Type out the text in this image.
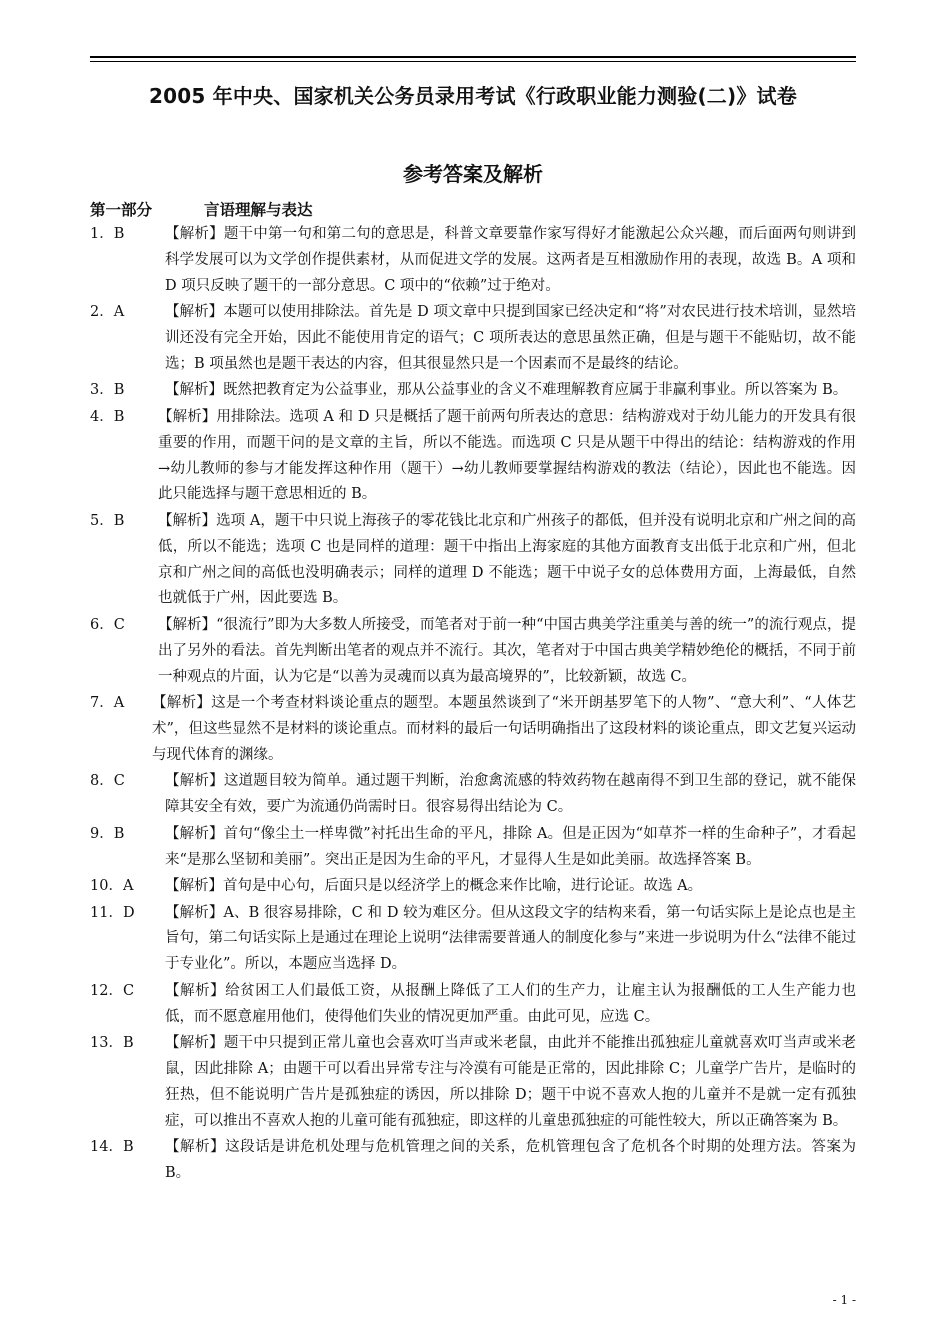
2005 年中央、国家机关公务员录用考试《行政职业能力测验(二)》试卷
参考答案及解析
第一部分	言语理解与表达
1．B	【解析】题干中第一句和第二句的意思是，科普文章要靠作家写得好才能激起公众兴趣，而后面两句则讲到科学发展可以为文学创作提供素材，从而促进文学的发展。这两者是互相激励作用的表现，故选 B。A 项和 D 项只反映了题干的一部分意思。C 项中的“依赖”过于绝对。
2．A	【解析】本题可以使用排除法。首先是 D 项文章中只提到国家已经决定和“将”对农民进行技术培训，显然培训还没有完全开始，因此不能使用肯定的语气；C 项所表达的意思虽然正确，但是与题干不能贴切，故不能选；B 项虽然也是题干表达的内容，但其很显然只是一个因素而不是最终的结论。
3．B	【解析】既然把教育定为公益事业，那从公益事业的含义不难理解教育应属于非赢利事业。所以答案为 B。
4．B	【解析】用排除法。选项 A 和 D 只是概括了题干前两句所表达的意思：结构游戏对于幼儿能力的开发具有很重要的作用，而题干问的是文章的主旨，所以不能选。而选项 C 只是从题干中得出的结论：结构游戏的作用→幼儿教师的参与才能发挥这种作用（题干）→幼儿教师要掌握结构游戏的教法（结论），因此也不能选。因此只能选择与题干意思相近的 B。
5．B	【解析】选项 A，题干中只说上海孩子的零花钱比北京和广州孩子的都低，但并没有说明北京和广州之间的高低，所以不能选；选项 C 也是同样的道理：题干中指出上海家庭的其他方面教育支出低于北京和广州，但北京和广州之间的高低也没明确表示；同样的道理 D 不能选；题干中说子女的总体费用方面，上海最低，自然也就低于广州，因此要选 B。
6．C	【解析】“很流行”即为大多数人所接受，而笔者对于前一种“中国古典美学注重美与善的统一”的流行观点，提出了另外的看法。首先判断出笔者的观点并不流行。其次，笔者对于中国古典美学精妙绝伦的概括，不同于前一种观点的片面，认为它是“以善为灵魂而以真为最高境界的”，比较新颖，故选 C。
7．A	【解析】这是一个考查材料谈论重点的题型。本题虽然谈到了“米开朗基罗笔下的人物”、“意大利”、“人体艺术”，但这些显然不是材料的谈论重点。而材料的最后一句话明确指出了这段材料的谈论重点，即文艺复兴运动与现代体育的渊缘。
8．C	【解析】这道题目较为简单。通过题干判断，治愈禽流感的特效药物在越南得不到卫生部的登记，就不能保障其安全有效，要广为流通仍尚需时日。很容易得出结论为 C。
9．B	【解析】首句“像尘土一样卑微”衬托出生命的平凡，排除 A。但是正因为“如草芥一样的生命种子”，才看起来“是那么坚韧和美丽”。突出正是因为生命的平凡，才显得人生是如此美丽。故选择答案 B。
10．A	【解析】首句是中心句，后面只是以经济学上的概念来作比喻，进行论证。故选 A。
11．D	【解析】A、B 很容易排除，C 和 D 较为难区分。但从这段文字的结构来看，第一句话实际上是论点也是主旨句，第二句话实际上是通过在理论上说明“法律需要普通人的制度化参与”来进一步说明为什么“法律不能过于专业化”。所以，本题应当选择 D。
12．C	【解析】给贫困工人们最低工资，从报酬上降低了工人们的生产力，让雇主认为报酬低的工人生产能力也低，而不愿意雇用他们，使得他们失业的情况更加严重。由此可见，应选 C。
13．B	【解析】题干中只提到正常儿童也会喜欢叮当声或米老鼠，由此并不能推出孤独症儿童就喜欢叮当声或米老鼠，因此排除 A；由题干可以看出异常专注与冷漠有可能是正常的，因此排除 C；儿童学广告片，是临时的狂热，但不能说明广告片是孤独症的诱因，所以排除 D；题干中说不喜欢人抱的儿童并不是就一定有孤独症，可以推出不喜欢人抱的儿童可能有孤独症，即这样的儿童患孤独症的可能性较大，所以正确答案为 B。
14．B	【解析】这段话是讲危机处理与危机管理之间的关系，危机管理包含了危机各个时期的处理方法。答案为 B。
- 1 -
